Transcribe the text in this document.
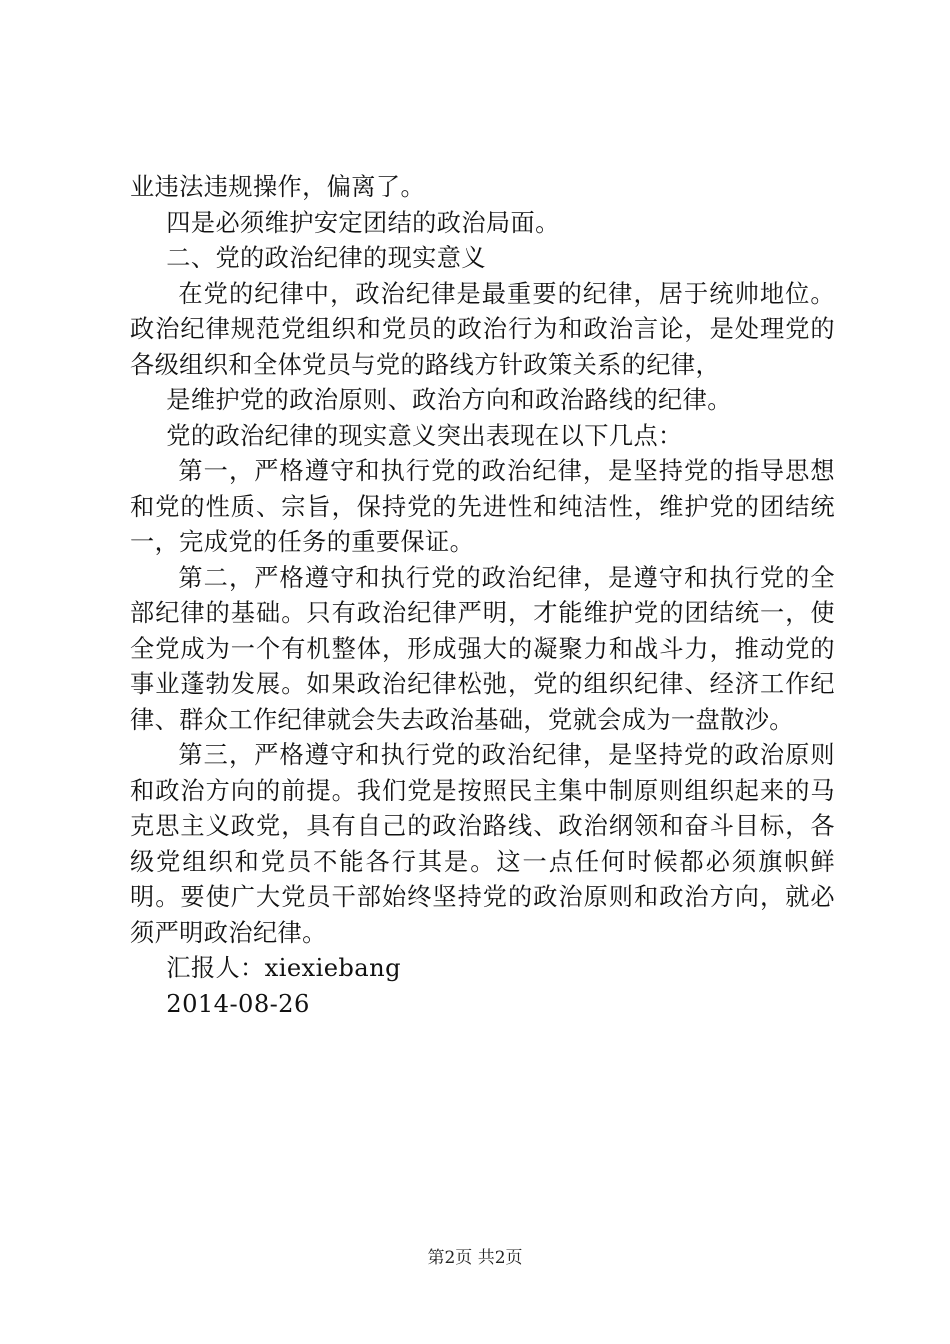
业违法违规操作，偏离了。

四是必须维护安定团结的政治局面。

二、党的政治纪律的现实意义

在党的纪律中，政治纪律是最重要的纪律，居于统帅地位。政治纪律规范党组织和党员的政治行为和政治言论，是处理党的各级组织和全体党员与党的路线方针政策关系的纪律，

是维护党的政治原则、政治方向和政治路线的纪律。

党的政治纪律的现实意义突出表现在以下几点：

第一，严格遵守和执行党的政治纪律，是坚持党的指导思想和党的性质、宗旨，保持党的先进性和纯洁性，维护党的团结统一，完成党的任务的重要保证。

第二，严格遵守和执行党的政治纪律，是遵守和执行党的全部纪律的基础。只有政治纪律严明，才能维护党的团结统一，使全党成为一个有机整体，形成强大的凝聚力和战斗力，推动党的事业蓬勃发展。如果政治纪律松弛，党的组织纪律、经济工作纪律、群众工作纪律就会失去政治基础，党就会成为一盘散沙。

第三，严格遵守和执行党的政治纪律，是坚持党的政治原则和政治方向的前提。我们党是按照民主集中制原则组织起来的马克思主义政党，具有自己的政治路线、政治纲领和奋斗目标，各级党组织和党员不能各行其是。这一点任何时候都必须旗帜鲜明。要使广大党员干部始终坚持党的政治原则和政治方向，就必须严明政治纪律。

汇报人：xiexiebang

2014-08-26

第2页 共2页
